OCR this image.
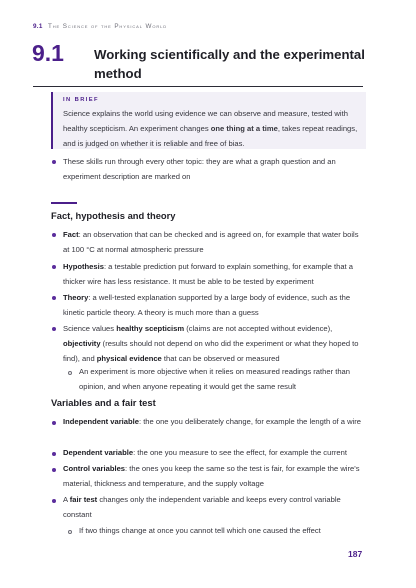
9.1 The Science of the Physical World
9.1 Working scientifically and the experimental method
IN BRIEF
Science explains the world using evidence we can observe and measure, tested with healthy scepticism. An experiment changes one thing at a time, takes repeat readings, and is judged on whether it is reliable and free of bias.
These skills run through every other topic: they are what a graph question and an experiment description are marked on
Fact, hypothesis and theory
Fact: an observation that can be checked and is agreed on, for example that water boils at 100 °C at normal atmospheric pressure
Hypothesis: a testable prediction put forward to explain something, for example that a thicker wire has less resistance. It must be able to be tested by experiment
Theory: a well-tested explanation supported by a large body of evidence, such as the kinetic particle theory. A theory is much more than a guess
Science values healthy scepticism (claims are not accepted without evidence), objectivity (results should not depend on who did the experiment or what they hoped to find), and physical evidence that can be observed or measured
An experiment is more objective when it relies on measured readings rather than opinion, and when anyone repeating it would get the same result
Variables and a fair test
Independent variable: the one you deliberately change, for example the length of a wire
Dependent variable: the one you measure to see the effect, for example the current
Control variables: the ones you keep the same so the test is fair, for example the wire's material, thickness and temperature, and the supply voltage
A fair test changes only the independent variable and keeps every control variable constant
If two things change at once you cannot tell which one caused the effect
187
